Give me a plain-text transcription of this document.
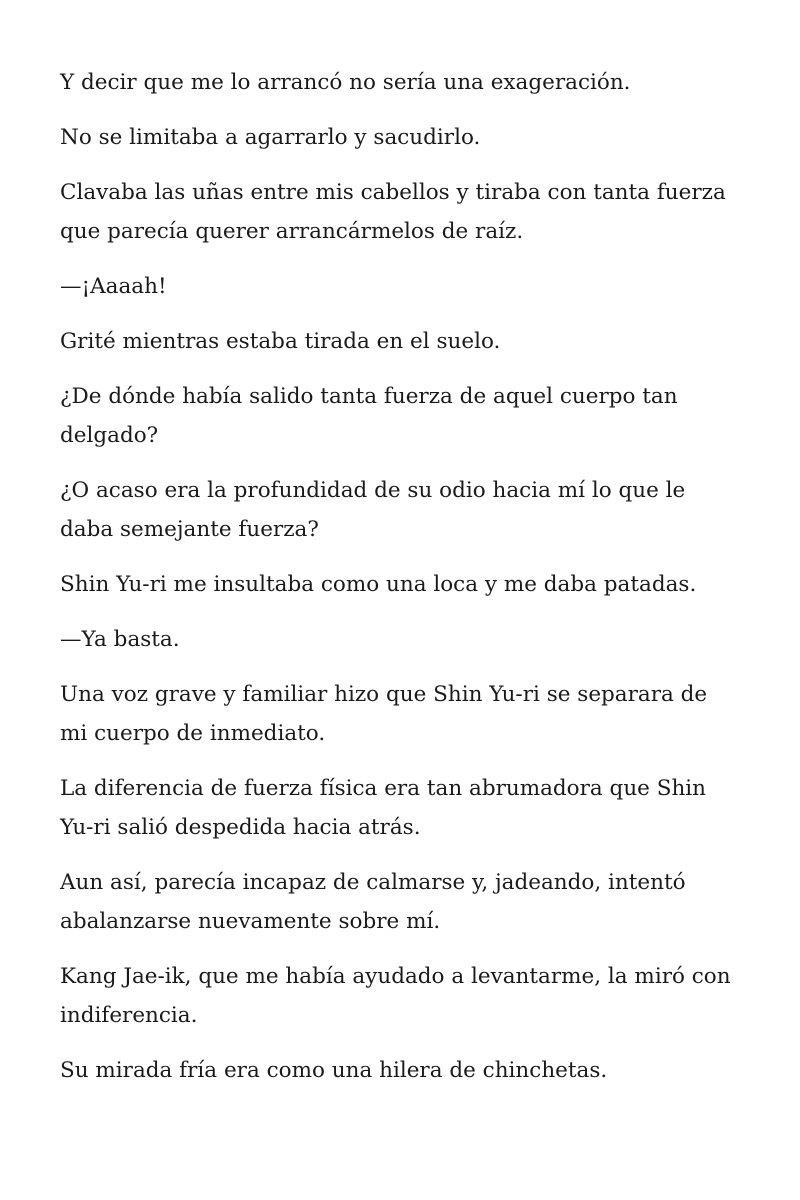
Y decir que me lo arrancó no sería una exageración.

No se limitaba a agarrarlo y sacudirlo.

Clavaba las uñas entre mis cabellos y tiraba con tanta fuerza que parecía querer arrancármelos de raíz.

—¡Aaaah!

Grité mientras estaba tirada en el suelo.

¿De dónde había salido tanta fuerza de aquel cuerpo tan delgado?

¿O acaso era la profundidad de su odio hacia mí lo que le daba semejante fuerza?

Shin Yu-ri me insultaba como una loca y me daba patadas.

—Ya basta.

Una voz grave y familiar hizo que Shin Yu-ri se separara de mi cuerpo de inmediato.

La diferencia de fuerza física era tan abrumadora que Shin Yu-ri salió despedida hacia atrás.

Aun así, parecía incapaz de calmarse y, jadeando, intentó abalanzarse nuevamente sobre mí.

Kang Jae-ik, que me había ayudado a levantarme, la miró con indiferencia.

Su mirada fría era como una hilera de chinchetas.
